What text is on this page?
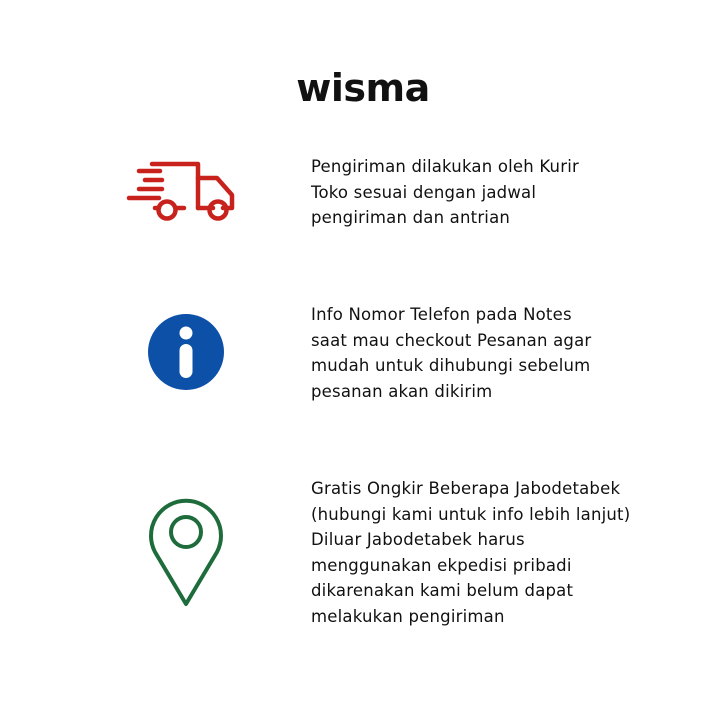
wisma
Pengiriman dilakukan oleh Kurir
Toko sesuai dengan jadwal
pengiriman dan antrian
Info Nomor Telefon pada Notes
saat mau checkout Pesanan agar
mudah untuk dihubungi sebelum
pesanan akan dikirim
Gratis Ongkir Beberapa Jabodetabek
(hubungi kami untuk info lebih lanjut)
Diluar Jabodetabek harus
menggunakan ekpedisi pribadi
dikarenakan kami belum dapat
melakukan pengiriman
